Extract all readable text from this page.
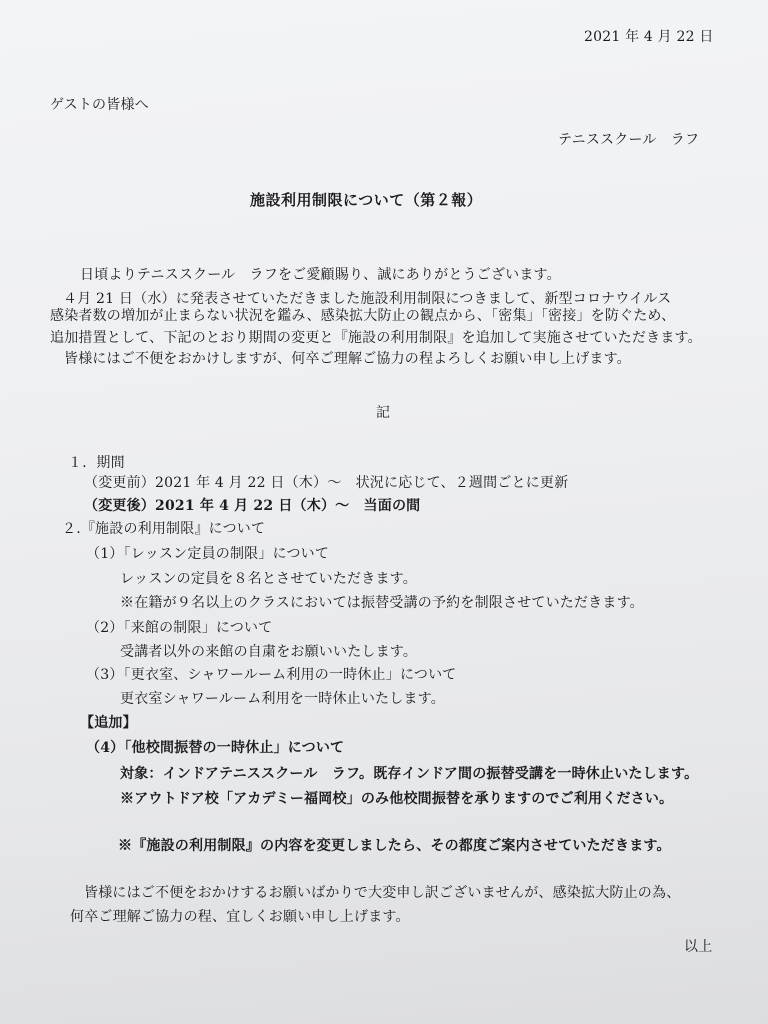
2021 年 4 月 22 日
ゲストの皆様へ
テニススクール　ラフ
施設利用制限について（第２報）
日頃よりテニススクール　ラフをご愛顧賜り、誠にありがとうございます。
４月 21 日（水）に発表させていただきました施設利用制限につきまして、新型コロナウイルス
感染者数の増加が止まらない状況を鑑み、感染拡大防止の観点から、「密集」「密接」を防ぐため、
追加措置として、下記のとおり期間の変更と『施設の利用制限』を追加して実施させていただきます。
皆様にはご不便をおかけしますが、何卒ご理解ご協力の程よろしくお願い申し上げます。
記
１．期間
（変更前）2021 年 4 月 22 日（木）～　状況に応じて、２週間ごとに更新
（変更後）2021 年 4 月 22 日（木）～　当面の間
２.『施設の利用制限』について
（1）「レッスン定員の制限」について
レッスンの定員を８名とさせていただきます。
※在籍が９名以上のクラスにおいては振替受講の予約を制限させていただきます。
（2）「来館の制限」について
受講者以外の来館の自粛をお願いいたします。
（3）「更衣室、シャワールーム利用の一時休止」について
更衣室シャワールーム利用を一時休止いたします。
【追加】
（4）「他校間振替の一時休止」について
対象：インドアテニススクール　ラフ。既存インドア間の振替受講を一時休止いたします。
※アウトドア校「アカデミー福岡校」のみ他校間振替を承りますのでご利用ください。
※『施設の利用制限』の内容を変更しましたら、その都度ご案内させていただきます。
皆様にはご不便をおかけするお願いばかりで大変申し訳ございませんが、感染拡大防止の為、
何卒ご理解ご協力の程、宜しくお願い申し上げます。
以上
